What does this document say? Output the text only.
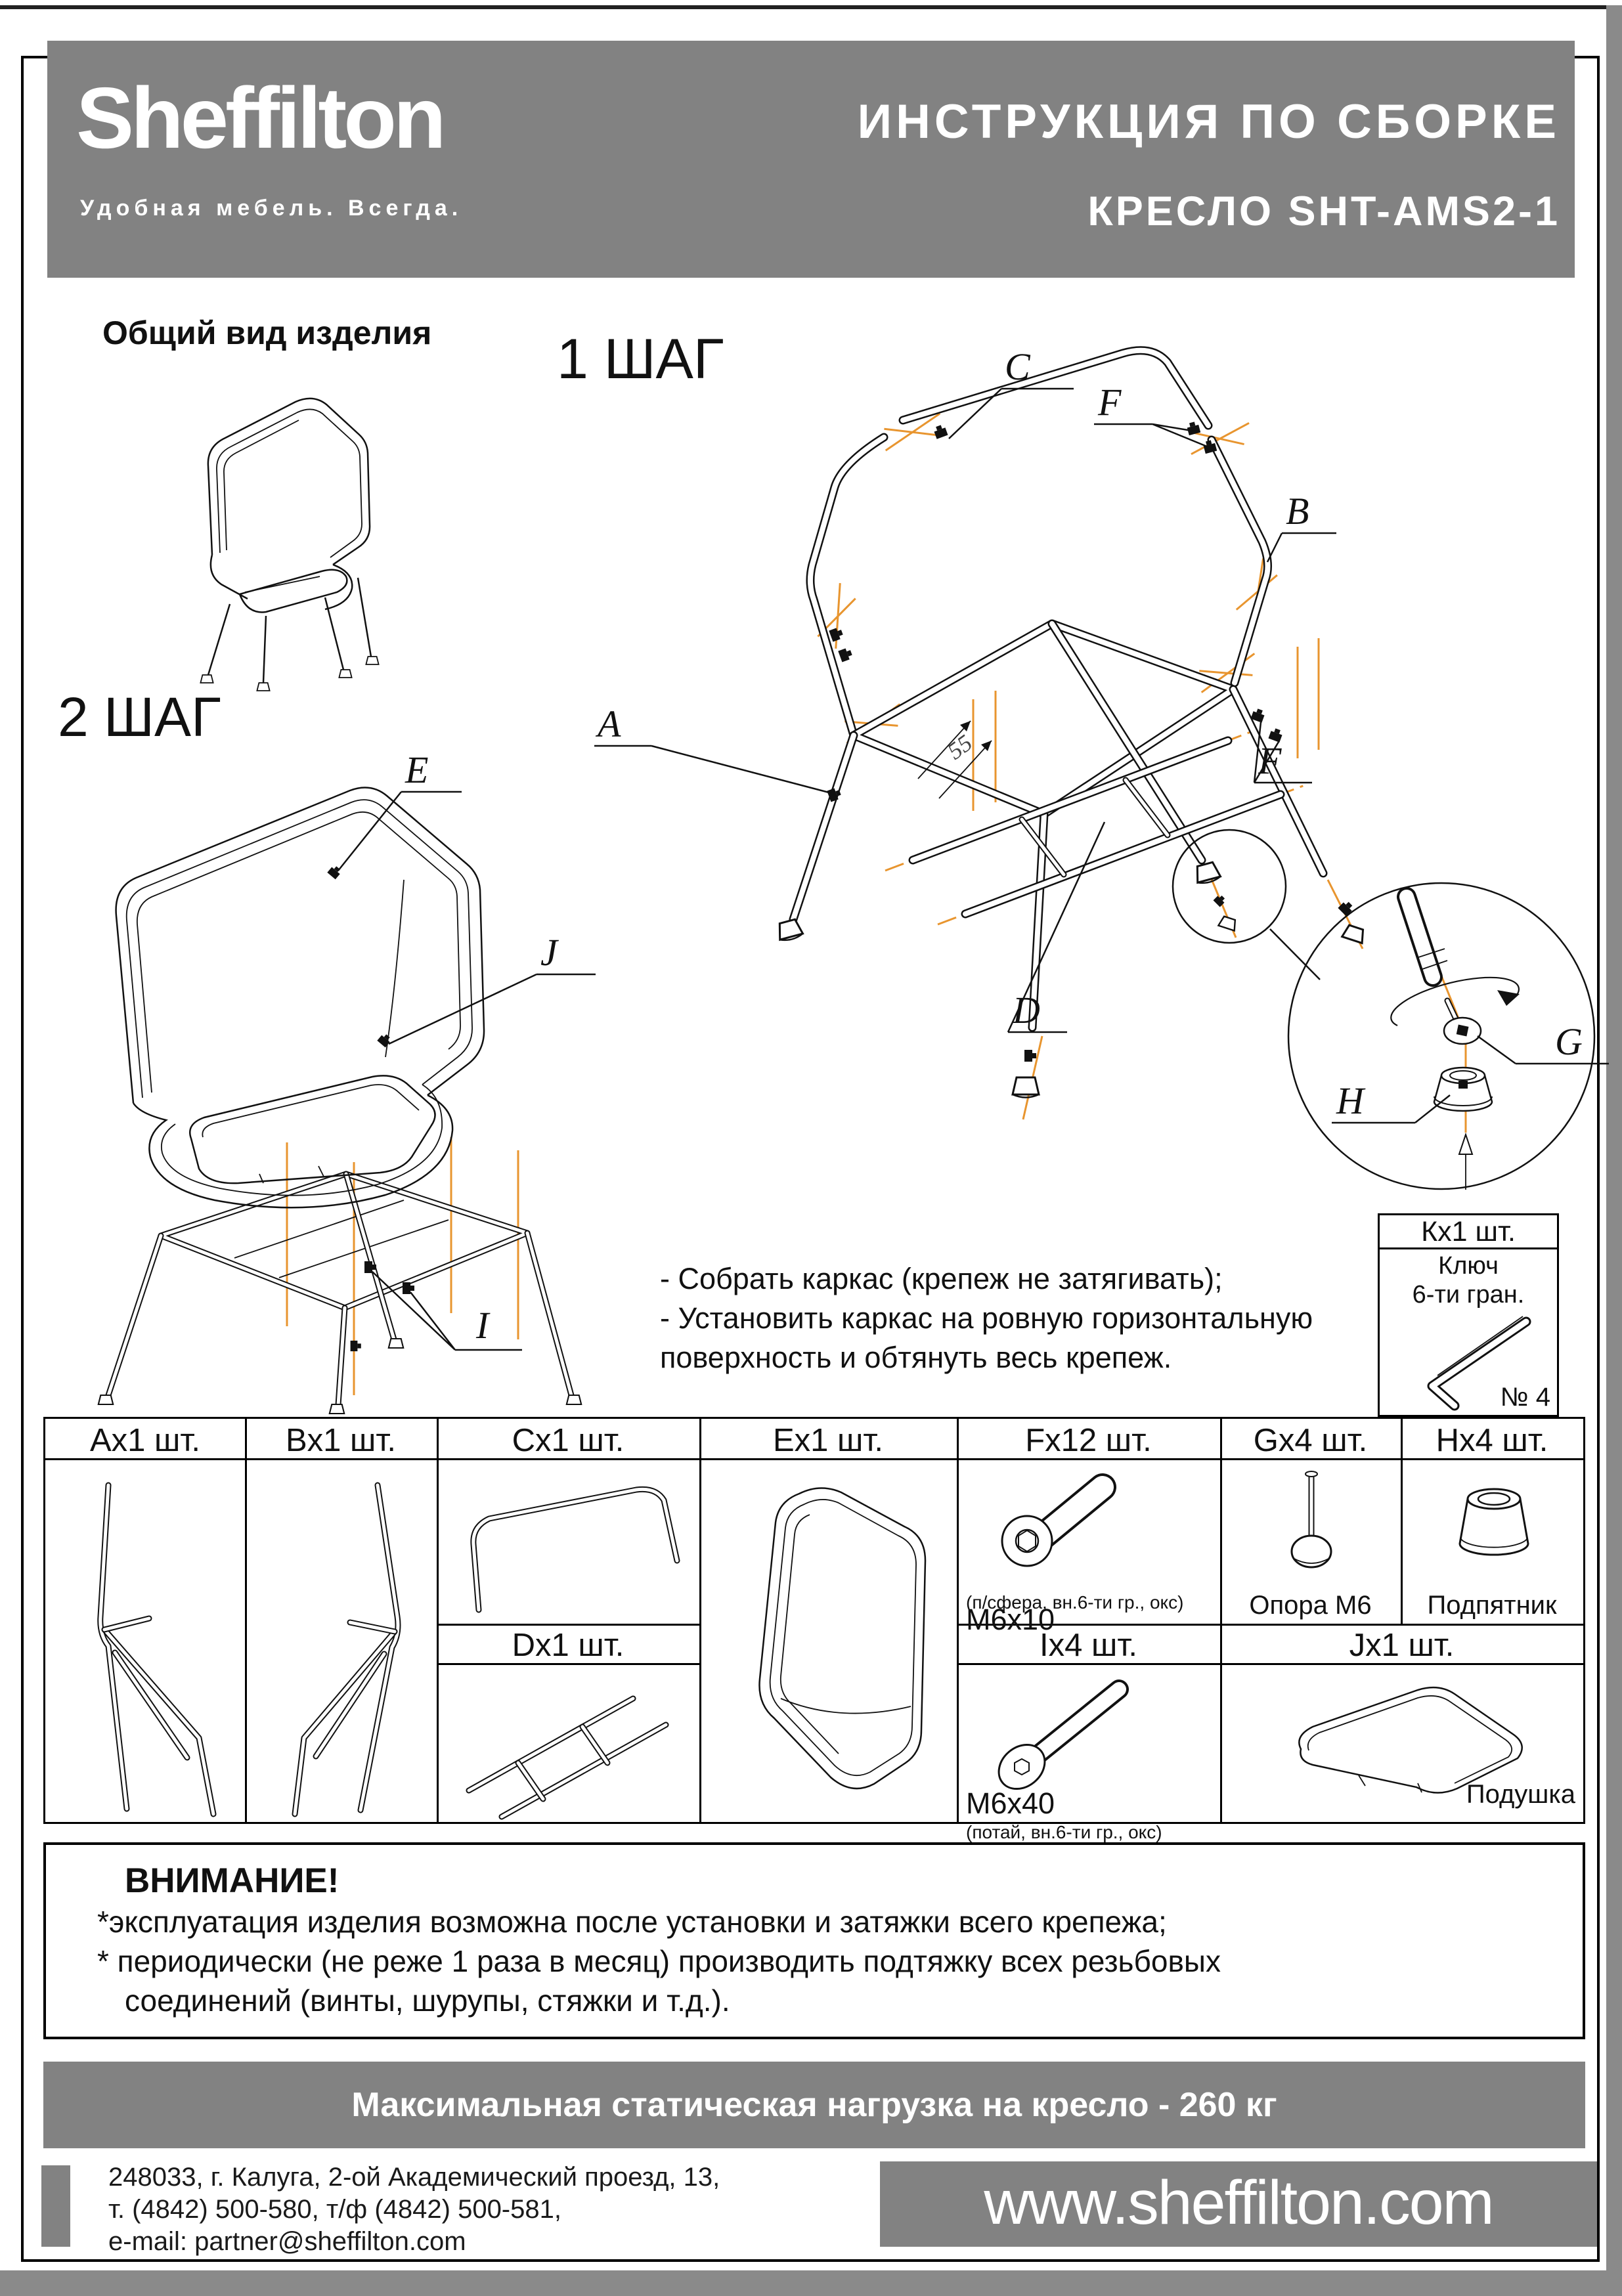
Sheffilton
Удобная мебель. Всегда.
ИНСТРУКЦИЯ ПО СБОРКЕ
КРЕСЛО SHT-AMS2-1
Общий вид изделия 1 ШАГ
2 ШАГ	55
C
F
B
A
D
F
G
H
E
J
I
- Собрать каркас (крепеж не затягивать);
- Установить каркас на ровную горизонтальную
поверхность и обтянуть весь крепеж.
Кх1 шт.
Ключ
6-ти гран.
№ 4
Ax1 шт.	Bx1 шт.	Cx1 шт.	Ex1 шт.	Fx12 шт.	Gx4 шт.	Hx4 шт.
Dx1 шт.	Ix4 шт.	Jx1 шт.
M6x10
(п/сфера, вн.6-ти гр., окс)	Опора М6	Подпятник
M6x40
(потай, вн.6-ти гр., окс)
Подушка
ВНИМАНИЕ!
*эксплуатация изделия возможна после установки и затяжки всего крепежа;
* периодически (не реже 1 раза в месяц) производить подтяжку всех резьбовых
соединений (винты, шурупы, стяжки и т.д.).
Максимальная статическая нагрузка на кресло - 260 кг
248033, г. Калуга, 2-ой Академический проезд, 13,
т. (4842) 500-580, т/ф (4842) 500-581,
e-mail: partner@sheffilton.com
www.sheffilton.com
